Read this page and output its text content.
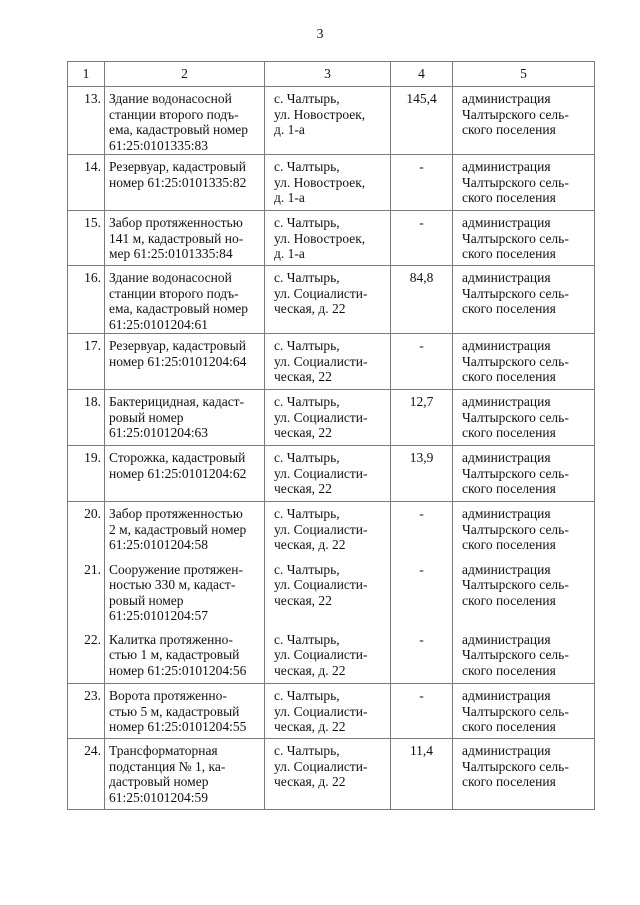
3
1	2	3	4	5
13.	Здание водонасосной
станции второго подъ-
ема, кадастровый номер
61:25:0101335:83	с. Чалтырь,
ул. Новостроек,
д. 1-а	145,4	администрация
Чалтырского сель-
ского поселения

14.	Резервуар, кадастровый
номер 61:25:0101335:82	с. Чалтырь,
ул. Новостроек,
д. 1-а	-	администрация
Чалтырского сель-
ского поселения

15.	Забор протяженностью
141 м, кадастровый но-
мер 61:25:0101335:84	с. Чалтырь,
ул. Новостроек,
д. 1-а	-	администрация
Чалтырского сель-
ского поселения

16.	Здание водонасосной
станции второго подъ-
ема, кадастровый номер
61:25:0101204:61	с. Чалтырь,
ул. Социалисти-
ческая, д. 22	84,8	администрация
Чалтырского сель-
ского поселения

17.	Резервуар, кадастровый
номер 61:25:0101204:64	с. Чалтырь,
ул. Социалисти-
ческая, 22	-	администрация
Чалтырского сель-
ского поселения

18.	Бактерицидная, кадаст-
ровый номер
61:25:0101204:63	с. Чалтырь,
ул. Социалисти-
ческая, 22	12,7	администрация
Чалтырского сель-
ского поселения

19.	Сторожка, кадастровый
номер 61:25:0101204:62	с. Чалтырь,
ул. Социалисти-
ческая, 22	13,9	администрация
Чалтырского сель-
ского поселения

20.	Забор протяженностью
2 м, кадастровый номер
61:25:0101204:58	с. Чалтырь,
ул. Социалисти-
ческая, д. 22	-	администрация
Чалтырского сель-
ского поселения

21.	Сооружение протяжен-
ностью 330 м, кадаст-
ровый номер
61:25:0101204:57	с. Чалтырь,
ул. Социалисти-
ческая, 22	-	администрация
Чалтырского сель-
ского поселения

22.	Калитка протяженно-
стью 1 м, кадастровый
номер 61:25:0101204:56	с. Чалтырь,
ул. Социалисти-
ческая, д. 22	-	администрация
Чалтырского сель-
ского поселения

23.	Ворота протяженно-
стью 5 м, кадастровый
номер 61:25:0101204:55	с. Чалтырь,
ул. Социалисти-
ческая, д. 22	-	администрация
Чалтырского сель-
ского поселения

24.	Трансформаторная
подстанция № 1, ка-
дастровый номер
61:25:0101204:59	с. Чалтырь,
ул. Социалисти-
ческая, д. 22	11,4	администрация
Чалтырского сель-
ского поселения
